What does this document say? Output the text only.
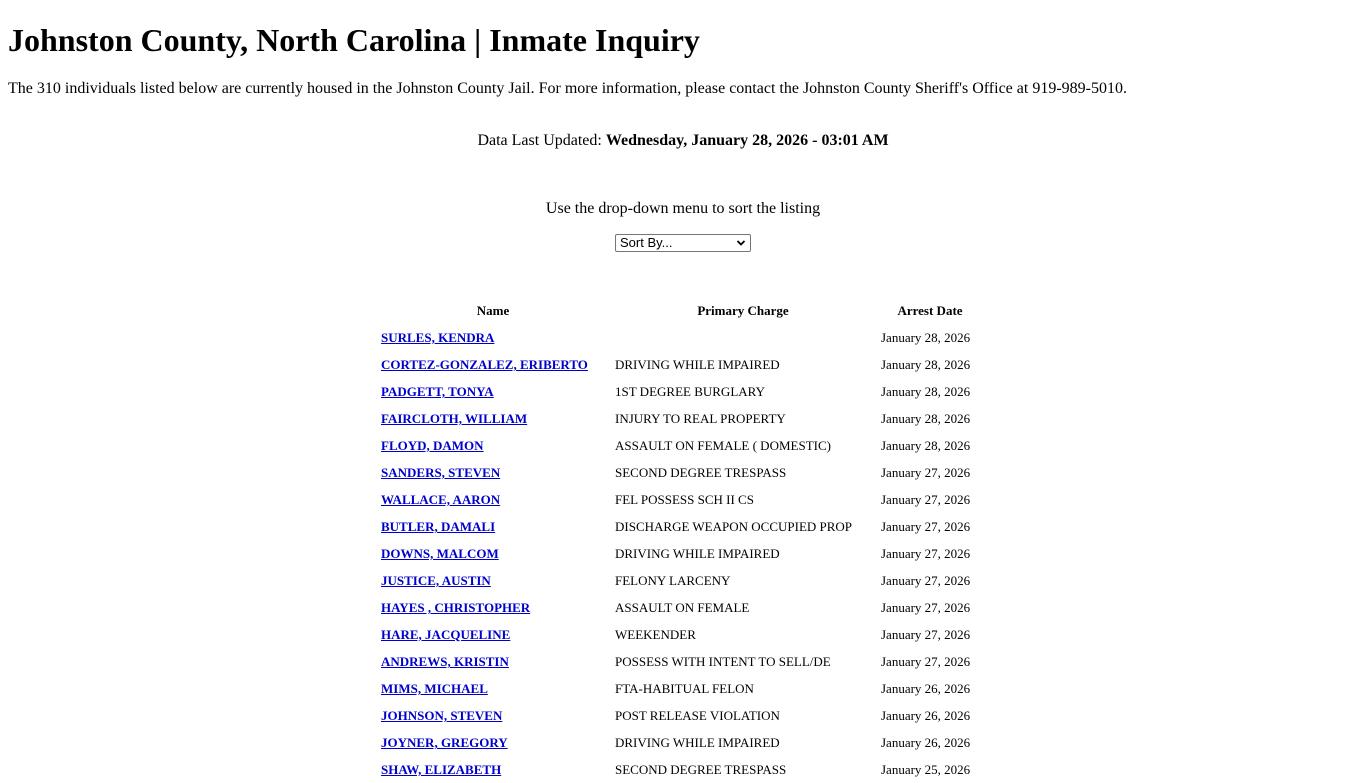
Johnston County, North Carolina | Inmate Inquiry

The 310 individuals listed below are currently housed in the Johnston County Jail. For more information, please contact the Johnston County Sheriff's Office at 919-989-5010.

Data Last Updated: Wednesday, January 28, 2026 - 03:01 AM
Use the drop-down menu to sort the listing
Sort By...
Name	Primary Charge	Arrest Date
SURLES, KENDRA		January 28, 2026
CORTEZ-GONZALEZ, ERIBERTO	DRIVING WHILE IMPAIRED	January 28, 2026
PADGETT, TONYA	1ST DEGREE BURGLARY	January 28, 2026
FAIRCLOTH, WILLIAM	INJURY TO REAL PROPERTY	January 28, 2026
FLOYD, DAMON	ASSAULT ON FEMALE ( DOMESTIC)	January 28, 2026
SANDERS, STEVEN	SECOND DEGREE TRESPASS	January 27, 2026
WALLACE, AARON	FEL POSSESS SCH II CS	January 27, 2026
BUTLER, DAMALI	DISCHARGE WEAPON OCCUPIED PROP	January 27, 2026
DOWNS, MALCOM	DRIVING WHILE IMPAIRED	January 27, 2026
JUSTICE, AUSTIN	FELONY LARCENY	January 27, 2026
HAYES , CHRISTOPHER	ASSAULT ON FEMALE	January 27, 2026
HARE, JACQUELINE	WEEKENDER	January 27, 2026
ANDREWS, KRISTIN	POSSESS WITH INTENT TO SELL/DE	January 27, 2026
MIMS, MICHAEL	FTA-HABITUAL FELON	January 26, 2026
JOHNSON, STEVEN	POST RELEASE VIOLATION	January 26, 2026
JOYNER, GREGORY	DRIVING WHILE IMPAIRED	January 26, 2026
SHAW, ELIZABETH	SECOND DEGREE TRESPASS	January 25, 2026
